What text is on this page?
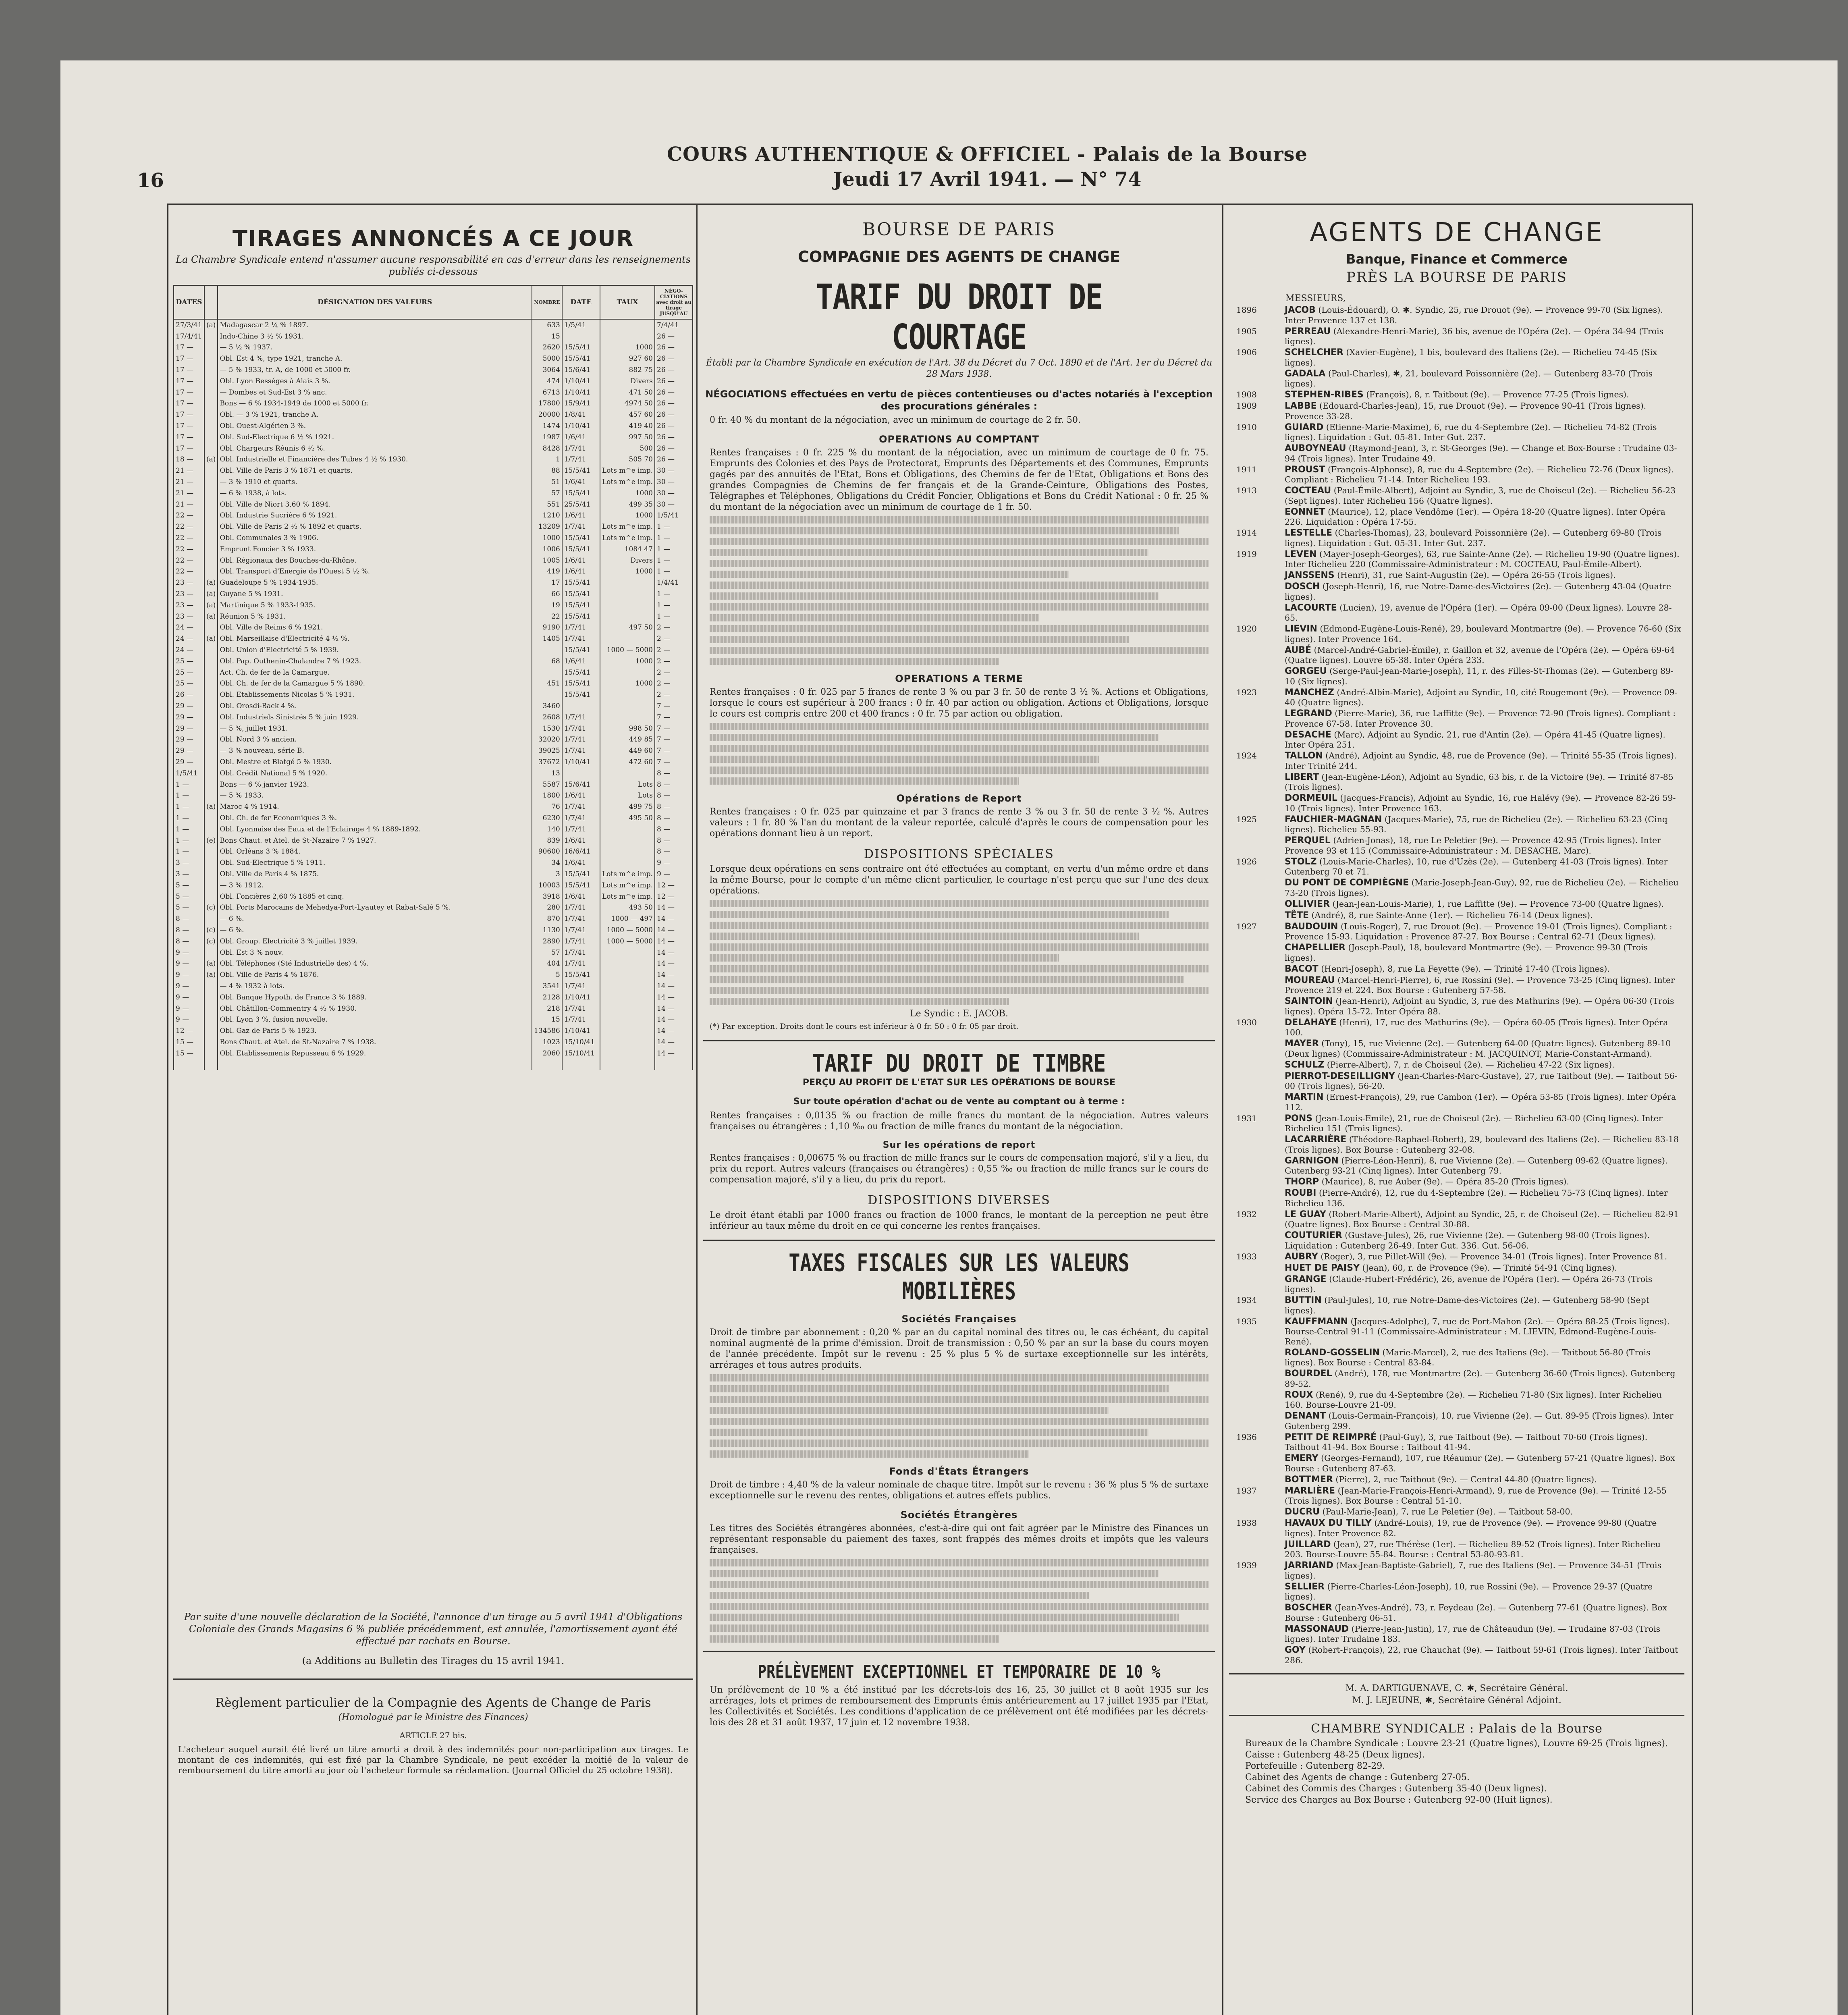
16
COURS AUTHENTIQUE & OFFICIEL - Palais de la Bourse
Jeudi 17 Avril 1941. — N° 74
TIRAGES ANNONCÉS A CE JOUR
La Chambre Syndicale entend n'assumer aucune responsabilité en cas d'erreur dans les renseignements publiés ci-dessous
DATES		DÉSIGNATION DES VALEURS	NOMBRE	DATE	TAUX	NÉGO-CIATIONS avec droit au tirage JUSQU'AU
27/3/41	(a)	Madagascar 2 ¼ % 1897.	633	1/5/41		7/4/41
17/4/41		Indo-Chine 3 ½ % 1931.	15			26 —
17 —		— 5 ½ % 1937.	2620	15/5/41	1000	26 —
17 —		Obl. Est 4 %, type 1921, tranche A.	5000	15/5/41	927 60	26 —
17 —		— 5 % 1933, tr. A, de 1000 et 5000 fr.	3064	15/6/41	882 75	26 —
17 —		Obl. Lyon Bességes à Alais 3 %.	474	1/10/41	Divers	26 —
17 —		— Dombes et Sud-Est 3 % anc.	6713	1/10/41	471 50	26 —
17 —		Bons — 6 % 1934-1949 de 1000 et 5000 fr.	17800	15/9/41	4974 50	26 —
17 —		Obl. — 3 % 1921, tranche A.	20000	1/8/41	457 60	26 —
17 —		Obl. Ouest-Algérien 3 %.	1474	1/10/41	419 40	26 —
17 —		Obl. Sud-Electrique 6 ½ % 1921.	1987	1/6/41	997 50	26 —
17 —		Obl. Chargeurs Réunis 6 ½ %.	8428	1/7/41	500	26 —
18 —	(a)	Obl. Industrielle et Financière des Tubes 4 ½ % 1930.	1	1/7/41	505 70	26 —
21 —		Obl. Ville de Paris 3 % 1871 et quarts.	88	15/5/41	Lots m^e imp.	30 —
21 —		— 3 % 1910 et quarts.	51	1/6/41	Lots m^e imp.	30 —
21 —		— 6 % 1938, à lots.	57	15/5/41	1000	30 —
21 —		Obl. Ville de Niort 3,60 % 1894.	551	25/5/41	499 35	30 —
22 —		Obl. Industrie Sucrière 6 % 1921.	1210	1/6/41	1000	1/5/41
22 —		Obl. Ville de Paris 2 ½ % 1892 et quarts.	13209	1/7/41	Lots m^e imp.	1 —
22 —		Obl. Communales 3 % 1906.	1000	15/5/41	Lots m^e imp.	1 —
22 —		Emprunt Foncier 3 % 1933.	1006	15/5/41	1084 47	1 —
22 —		Obl. Régionaux des Bouches-du-Rhône.	1005	1/6/41	Divers	1 —
22 —		Obl. Transport d'Energie de l'Ouest 5 ½ %.	419	1/6/41	1000	1 —
23 —	(a)	Guadeloupe 5 % 1934-1935.	17	15/5/41		1/4/41
23 —	(a)	Guyane 5 % 1931.	66	15/5/41		1 —
23 —	(a)	Martinique 5 % 1933-1935.	19	15/5/41		1 —
23 —	(a)	Réunion 5 % 1931.	22	15/5/41		1 —
24 —		Obl. Ville de Reims 6 % 1921.	9190	1/7/41	497 50	2 —
24 —	(a)	Obl. Marseillaise d'Electricité 4 ½ %.	1405	1/7/41		2 —
24 —		Obl. Union d'Electricité 5 % 1939.		15/5/41	1000 — 5000	2 —
25 —		Obl. Pap. Outhenin-Chalandre 7 % 1923.	68	1/6/41	1000	2 —
25 —		Act. Ch. de fer de la Camargue.		15/5/41		2 —
25 —		Obl. Ch. de fer de la Camargue 5 % 1890.	451	15/5/41	1000	2 —
26 —		Obl. Etablissements Nicolas 5 % 1931.		15/5/41		2 —
29 —		Obl. Orosdi-Back 4 %.	3460			7 —
29 —		Obl. Industriels Sinistrés 5 % juin 1929.	2608	1/7/41		7 —
29 —		— 5 %, juillet 1931.	1530	1/7/41	998 50	7 —
29 —		Obl. Nord 3 % ancien.	32020	1/7/41	449 85	7 —
29 —		— 3 % nouveau, série B.	39025	1/7/41	449 60	7 —
29 —		Obl. Mestre et Blatgé 5 % 1930.	37672	1/10/41	472 60	7 —
1/5/41		Obl. Crédit National 5 % 1920.	13			8 —
1 —		Bons — 6 % janvier 1923.	5587	15/6/41	Lots	8 —
1 —		— 5 % 1933.	1800	1/6/41	Lots	8 —
1 —	(a)	Maroc 4 % 1914.	76	1/7/41	499 75	8 —
1 —		Obl. Ch. de fer Economiques 3 %.	6230	1/7/41	495 50	8 —
1 —		Obl. Lyonnaise des Eaux et de l'Eclairage 4 % 1889-1892.	140	1/7/41		8 —
1 —	(e)	Bons Chaut. et Atel. de St-Nazaire 7 % 1927.	839	1/6/41		8 —
1 —		Obl. Orléans 3 % 1884.	90600	16/6/41		8 —
3 —		Obl. Sud-Electrique 5 % 1911.	34	1/6/41		9 —
3 —		Obl. Ville de Paris 4 % 1875.	3	15/5/41	Lots m^e imp.	9 —
5 —		— 3 % 1912.	10003	15/5/41	Lots m^e imp.	12 —
5 —		Obl. Foncières 2,60 % 1885 et cinq.	3918	1/6/41	Lots m^e imp.	12 —
5 —	(c)	Obl. Ports Marocains de Mehedya-Port-Lyautey et Rabat-Salé 5 %.	280	1/7/41	493 50	14 —
8 —		— 6 %.	870	1/7/41	1000 — 497	14 —
8 —	(c)	— 6 %.	1130	1/7/41	1000 — 5000	14 —
8 —	(c)	Obl. Group. Electricité 3 % juillet 1939.	2890	1/7/41	1000 — 5000	14 —
9 —		Obl. Est 3 % nouv.	57	1/7/41		14 —
9 —	(a)	Obl. Téléphones (Sté Industrielle des) 4 %.	404	1/7/41		14 —
9 —	(a)	Obl. Ville de Paris 4 % 1876.	5	15/5/41		14 —
9 —		— 4 % 1932 à lots.	3541	1/7/41		14 —
9 —		Obl. Banque Hypoth. de France 3 % 1889.	2128	1/10/41		14 —
9 —		Obl. Châtillon-Commentry 4 ½ % 1930.	218	1/7/41		14 —
9 —		Obl. Lyon 3 %, fusion nouvelle.	15	1/7/41		14 —
12 —		Obl. Gaz de Paris 5 % 1923.	134586	1/10/41		14 —
15 —		Bons Chaut. et Atel. de St-Nazaire 7 % 1938.	1023	15/10/41		14 —
15 —		Obl. Etablissements Repusseau 6 % 1929.	2060	15/10/41		14 —

Par suite d'une nouvelle déclaration de la Société, l'annonce d'un tirage au 5 avril 1941 d'Obligations Coloniale des Grands Magasins 6 % publiée précédemment, est annulée, l'amortissement ayant été effectué par rachats en Bourse.
(a Additions au Bulletin des Tirages du 15 avril 1941.
Règlement particulier de la Compagnie des Agents de Change de Paris
(Homologué par le Ministre des Finances)
ARTICLE 27 bis.
L'acheteur auquel aurait été livré un titre amorti a droit à des indemnités pour non-participation aux tirages. Le montant de ces indemnités, qui est fixé par la Chambre Syndicale, ne peut excéder la moitié de la valeur de remboursement du titre amorti au jour où l'acheteur formule sa réclamation. (Journal Officiel du 25 octobre 1938).
BOURSE DE PARIS
COMPAGNIE DES AGENTS DE CHANGE
TARIF DU DROIT DE COURTAGE
Établi par la Chambre Syndicale en exécution de l'Art. 38 du Décret du 7 Oct. 1890 et de l'Art. 1er du Décret du 28 Mars 1938.
NÉGOCIATIONS effectuées en vertu de pièces contentieuses ou d'actes notariés à l'exception des procurations générales :
0 fr. 40 % du montant de la négociation, avec un minimum de courtage de 2 fr. 50.
OPERATIONS AU COMPTANT
Rentes françaises : 0 fr. 225 % du montant de la négociation, avec un minimum de courtage de 0 fr. 75. Emprunts des Colonies et des Pays de Protectorat, Emprunts des Départements et des Communes, Emprunts gagés par des annuités de l'Etat, Bons et Obligations, des Chemins de fer de l'Etat, Obligations et Bons des grandes Compagnies de Chemins de fer français et de la Grande-Ceinture, Obligations des Postes, Télégraphes et Téléphones, Obligations du Crédit Foncier, Obligations et Bons du Crédit National : 0 fr. 25 % du montant de la négociation avec un minimum de courtage de 1 fr. 50.
OPERATIONS A TERME
Rentes françaises : 0 fr. 025 par 5 francs de rente 3 % ou par 3 fr. 50 de rente 3 ½ %. Actions et Obligations, lorsque le cours est supérieur à 200 francs : 0 fr. 40 par action ou obligation. Actions et Obligations, lorsque le cours est compris entre 200 et 400 francs : 0 fr. 75 par action ou obligation.
Opérations de Report
Rentes françaises : 0 fr. 025 par quinzaine et par 3 francs de rente 3 % ou 3 fr. 50 de rente 3 ½ %. Autres valeurs : 1 fr. 80 % l'an du montant de la valeur reportée, calculé d'après le cours de compensation pour les opérations donnant lieu à un report.
DISPOSITIONS SPÉCIALES
Lorsque deux opérations en sens contraire ont été effectuées au comptant, en vertu d'un même ordre et dans la même Bourse, pour le compte d'un même client particulier, le courtage n'est perçu que sur l'une des deux opérations.
Le Syndic : E. JACOB.
(*) Par exception. Droits dont le cours est inférieur à 0 fr. 50 : 0 fr. 05 par droit.
TARIF DU DROIT DE TIMBRE
PERÇU AU PROFIT DE L'ETAT SUR LES OPÉRATIONS DE BOURSE
Sur toute opération d'achat ou de vente au comptant ou à terme :
Rentes françaises : 0,0135 % ou fraction de mille francs du montant de la négociation. Autres valeurs françaises ou étrangères : 1,10 ‰ ou fraction de mille francs du montant de la négociation.
Sur les opérations de report
Rentes françaises : 0,00675 % ou fraction de mille francs sur le cours de compensation majoré, s'il y a lieu, du prix du report. Autres valeurs (françaises ou étrangères) : 0,55 ‰ ou fraction de mille francs sur le cours de compensation majoré, s'il y a lieu, du prix du report.
DISPOSITIONS DIVERSES
Le droit étant établi par 1000 francs ou fraction de 1000 francs, le montant de la perception ne peut être inférieur au taux même du droit en ce qui concerne les rentes françaises.
TAXES FISCALES SUR LES VALEURS MOBILIÈRES
Sociétés Françaises
Droit de timbre par abonnement : 0,20 % par an du capital nominal des titres ou, le cas échéant, du capital nominal augmenté de la prime d'émission. Droit de transmission : 0,50 % par an sur la base du cours moyen de l'année précédente. Impôt sur le revenu : 25 % plus 5 % de surtaxe exceptionnelle sur les intérêts, arrérages et tous autres produits.
Fonds d'États Étrangers
Droit de timbre : 4,40 % de la valeur nominale de chaque titre. Impôt sur le revenu : 36 % plus 5 % de surtaxe exceptionnelle sur le revenu des rentes, obligations et autres effets publics.
Sociétés Étrangères
Les titres des Sociétés étrangères abonnées, c'est-à-dire qui ont fait agréer par le Ministre des Finances un représentant responsable du paiement des taxes, sont frappés des mêmes droits et impôts que les valeurs françaises.
PRÉLÈVEMENT EXCEPTIONNEL ET TEMPORAIRE DE 10 %
Un prélèvement de 10 % a été institué par les décrets-lois des 16, 25, 30 juillet et 8 août 1935 sur les arrérages, lots et primes de remboursement des Emprunts émis antérieurement au 17 juillet 1935 par l'Etat, les Collectivités et Sociétés. Les conditions d'application de ce prélèvement ont été modifiées par les décrets-lois des 28 et 31 août 1937, 17 juin et 12 novembre 1938.
AGENTS DE CHANGE
Banque, Finance et Commerce
PRÈS LA BOURSE DE PARIS
MESSIEURS,
1896	JACOB (Louis-Édouard), O. ✱. Syndic, 25, rue Drouot (9e). — Provence 99-70 (Six lignes). Inter Provence 137 et 138.
1905	PERREAU (Alexandre-Henri-Marie), 36 bis, avenue de l'Opéra (2e). — Opéra 34-94 (Trois lignes).
1906	SCHELCHER (Xavier-Eugène), 1 bis, boulevard des Italiens (2e). — Richelieu 74-45 (Six lignes).
GADALA (Paul-Charles), ✱, 21, boulevard Poissonnière (2e). — Gutenberg 83-70 (Trois lignes).
1908	STEPHEN-RIBES (François), 8, r. Taitbout (9e). — Provence 77-25 (Trois lignes).
1909	LABBE (Edouard-Charles-Jean), 15, rue Drouot (9e). — Provence 90-41 (Trois lignes). Provence 33-28.
1910	GUIARD (Etienne-Marie-Maxime), 6, rue du 4-Septembre (2e). — Richelieu 74-82 (Trois lignes). Liquidation : Gut. 05-81. Inter Gut. 237.
AUBOYNEAU (Raymond-Jean), 3, r. St-Georges (9e). — Change et Box-Bourse : Trudaine 03-94 (Trois lignes). Inter Trudaine 49.
1911	PROUST (François-Alphonse), 8, rue du 4-Septembre (2e). — Richelieu 72-76 (Deux lignes). Compliant : Richelieu 71-14. Inter Richelieu 193.
1913	COCTEAU (Paul-Émile-Albert), Adjoint au Syndic, 3, rue de Choiseul (2e). — Richelieu 56-23 (Sept lignes). Inter Richelieu 156 (Quatre lignes).
EONNET (Maurice), 12, place Vendôme (1er). — Opéra 18-20 (Quatre lignes). Inter Opéra 226. Liquidation : Opéra 17-55.
1914	LESTELLE (Charles-Thomas), 23, boulevard Poissonnière (2e). — Gutenberg 69-80 (Trois lignes). Liquidation : Gut. 05-31. Inter Gut. 237.
1919	LEVEN (Mayer-Joseph-Georges), 63, rue Sainte-Anne (2e). — Richelieu 19-90 (Quatre lignes). Inter Richelieu 220 (Commissaire-Administrateur : M. COCTEAU, Paul-Émile-Albert).
JANSSENS (Henri), 31, rue Saint-Augustin (2e). — Opéra 26-55 (Trois lignes).
DOSCH (Joseph-Henri), 16, rue Notre-Dame-des-Victoires (2e). — Gutenberg 43-04 (Quatre lignes).
LACOURTE (Lucien), 19, avenue de l'Opéra (1er). — Opéra 09-00 (Deux lignes). Louvre 28-65.
1920	LIEVIN (Edmond-Eugène-Louis-René), 29, boulevard Montmartre (9e). — Provence 76-60 (Six lignes). Inter Provence 164.
AUBÉ (Marcel-André-Gabriel-Émile), r. Gaillon et 32, avenue de l'Opéra (2e). — Opéra 69-64 (Quatre lignes). Louvre 65-38. Inter Opéra 233.
GORGEU (Serge-Paul-Jean-Marie-Joseph), 11, r. des Filles-St-Thomas (2e). — Gutenberg 89-10 (Six lignes).
1923	MANCHEZ (André-Albin-Marie), Adjoint au Syndic, 10, cité Rougemont (9e). — Provence 09-40 (Quatre lignes).
LEGRAND (Pierre-Marie), 36, rue Laffitte (9e). — Provence 72-90 (Trois lignes). Compliant : Provence 67-58. Inter Provence 30.
DESACHE (Marc), Adjoint au Syndic, 21, rue d'Antin (2e). — Opéra 41-45 (Quatre lignes). Inter Opéra 251.
1924	TALLON (André), Adjoint au Syndic, 48, rue de Provence (9e). — Trinité 55-35 (Trois lignes). Inter Trinité 244.
LIBERT (Jean-Eugène-Léon), Adjoint au Syndic, 63 bis, r. de la Victoire (9e). — Trinité 87-85 (Trois lignes).
DORMEUIL (Jacques-Francis), Adjoint au Syndic, 16, rue Halévy (9e). — Provence 82-26 59-10 (Trois lignes). Inter Provence 163.
1925	FAUCHIER-MAGNAN (Jacques-Marie), 75, rue de Richelieu (2e). — Richelieu 63-23 (Cinq lignes). Richelieu 55-93.
PERQUEL (Adrien-Jonas), 18, rue Le Peletier (9e). — Provence 42-95 (Trois lignes). Inter Provence 93 et 115 (Commissaire-Administrateur : M. DESACHE, Marc).
1926	STOLZ (Louis-Marie-Charles), 10, rue d'Uzès (2e). — Gutenberg 41-03 (Trois lignes). Inter Gutenberg 70 et 71.
DU PONT DE COMPIÈGNE (Marie-Joseph-Jean-Guy), 92, rue de Richelieu (2e). — Richelieu 73-20 (Trois lignes).
OLLIVIER (Jean-Jean-Louis-Marie), 1, rue Laffitte (9e). — Provence 73-00 (Quatre lignes).
TÊTE (André), 8, rue Sainte-Anne (1er). — Richelieu 76-14 (Deux lignes).
1927	BAUDOUIN (Louis-Roger), 7, rue Drouot (9e). — Provence 19-01 (Trois lignes). Compliant : Provence 15-93. Liquidation : Provence 87-27. Box Bourse : Central 62-71 (Deux lignes).
CHAPELLIER (Joseph-Paul), 18, boulevard Montmartre (9e). — Provence 99-30 (Trois lignes).
BACOT (Henri-Joseph), 8, rue La Feyette (9e). — Trinité 17-40 (Trois lignes).
MOUREAU (Marcel-Henri-Pierre), 6, rue Rossini (9e). — Provence 73-25 (Cinq lignes). Inter Provence 219 et 224. Box Bourse : Gutenberg 57-58.
SAINTOIN (Jean-Henri), Adjoint au Syndic, 3, rue des Mathurins (9e). — Opéra 06-30 (Trois lignes). Opéra 15-72. Inter Opéra 88.
1930	DELAHAYE (Henri), 17, rue des Mathurins (9e). — Opéra 60-05 (Trois lignes). Inter Opéra 100.
MAYER (Tony), 15, rue Vivienne (2e). — Gutenberg 64-00 (Quatre lignes). Gutenberg 89-10 (Deux lignes) (Commissaire-Administrateur : M. JACQUINOT, Marie-Constant-Armand).
SCHULZ (Pierre-Albert), 7, r. de Choiseul (2e). — Richelieu 47-22 (Six lignes).
PIERROT-DESEILLIGNY (Jean-Charles-Marc-Gustave), 27, rue Taitbout (9e). — Taitbout 56-00 (Trois lignes), 56-20.
MARTIN (Ernest-François), 29, rue Cambon (1er). — Opéra 53-85 (Trois lignes). Inter Opéra 112.
1931	PONS (Jean-Louis-Emile), 21, rue de Choiseul (2e). — Richelieu 63-00 (Cinq lignes). Inter Richelieu 151 (Trois lignes).
LACARRIÈRE (Théodore-Raphael-Robert), 29, boulevard des Italiens (2e). — Richelieu 83-18 (Trois lignes). Box Bourse : Gutenberg 32-08.
GARNIGON (Pierre-Léon-Henri), 8, rue Vivienne (2e). — Gutenberg 09-62 (Quatre lignes). Gutenberg 93-21 (Cinq lignes). Inter Gutenberg 79.
THORP (Maurice), 8, rue Auber (9e). — Opéra 85-20 (Trois lignes).
ROUBI (Pierre-André), 12, rue du 4-Septembre (2e). — Richelieu 75-73 (Cinq lignes). Inter Richelieu 136.
1932	LE GUAY (Robert-Marie-Albert), Adjoint au Syndic, 25, r. de Choiseul (2e). — Richelieu 82-91 (Quatre lignes). Box Bourse : Central 30-88.
COUTURIER (Gustave-Jules), 26, rue Vivienne (2e). — Gutenberg 98-00 (Trois lignes). Liquidation : Gutenberg 26-49. Inter Gut. 336. Gut. 56-06.
1933	AUBRY (Roger), 3, rue Pillet-Will (9e). — Provence 34-01 (Trois lignes). Inter Provence 81.
HUET DE PAISY (Jean), 60, r. de Provence (9e). — Trinité 54-91 (Cinq lignes).
GRANGE (Claude-Hubert-Frédéric), 26, avenue de l'Opéra (1er). — Opéra 26-73 (Trois lignes).
1934	BUTTIN (Paul-Jules), 10, rue Notre-Dame-des-Victoires (2e). — Gutenberg 58-90 (Sept lignes).
1935	KAUFFMANN (Jacques-Adolphe), 7, rue de Port-Mahon (2e). — Opéra 88-25 (Trois lignes). Bourse-Central 91-11 (Commissaire-Administrateur : M. LIEVIN, Edmond-Eugène-Louis-René).
ROLAND-GOSSELIN (Marie-Marcel), 2, rue des Italiens (9e). — Taitbout 56-80 (Trois lignes). Box Bourse : Central 83-84.
BOURDEL (André), 178, rue Montmartre (2e). — Gutenberg 36-60 (Trois lignes). Gutenberg 89-52.
ROUX (René), 9, rue du 4-Septembre (2e). — Richelieu 71-80 (Six lignes). Inter Richelieu 160. Bourse-Louvre 21-09.
DENANT (Louis-Germain-François), 10, rue Vivienne (2e). — Gut. 89-95 (Trois lignes). Inter Gutenberg 299.
1936	PETIT DE REIMPRÉ (Paul-Guy), 3, rue Taitbout (9e). — Taitbout 70-60 (Trois lignes). Taitbout 41-94. Box Bourse : Taitbout 41-94.
EMERY (Georges-Fernand), 107, rue Réaumur (2e). — Gutenberg 57-21 (Quatre lignes). Box Bourse : Gutenberg 87-63.
BOTTMER (Pierre), 2, rue Taitbout (9e). — Central 44-80 (Quatre lignes).
1937	MARLIÈRE (Jean-Marie-François-Henri-Armand), 9, rue de Provence (9e). — Trinité 12-55 (Trois lignes). Box Bourse : Central 51-10.
DUCRU (Paul-Marie-Jean), 7, rue Le Peletier (9e). — Taitbout 58-00.
1938	HAVAUX DU TILLY (André-Louis), 19, rue de Provence (9e). — Provence 99-80 (Quatre lignes). Inter Provence 82.
JUILLARD (Jean), 27, rue Thérèse (1er). — Richelieu 89-52 (Trois lignes). Inter Richelieu 203. Bourse-Louvre 55-84. Bourse : Central 53-80-93-81.
1939	JARRIAND (Max-Jean-Baptiste-Gabriel), 7, rue des Italiens (9e). — Provence 34-51 (Trois lignes).
SELLIER (Pierre-Charles-Léon-Joseph), 10, rue Rossini (9e). — Provence 29-37 (Quatre lignes).
BOSCHER (Jean-Yves-André), 73, r. Feydeau (2e). — Gutenberg 77-61 (Quatre lignes). Box Bourse : Gutenberg 06-51.
MASSONAUD (Pierre-Jean-Justin), 17, rue de Châteaudun (9e). — Trudaine 87-03 (Trois lignes). Inter Trudaine 183.
GOY (Robert-François), 22, rue Chauchat (9e). — Taitbout 59-61 (Trois lignes). Inter Taitbout 286.
M. A. DARTIGUENAVE, C. ✱, Secrétaire Général.
M. J. LEJEUNE, ✱, Secrétaire Général Adjoint.
CHAMBRE SYNDICALE : Palais de la Bourse
Bureaux de la Chambre Syndicale : Louvre 23-21 (Quatre lignes), Louvre 69-25 (Trois lignes).
Caisse : Gutenberg 48-25 (Deux lignes).
Portefeuille : Gutenberg 82-29.
Cabinet des Agents de change : Gutenberg 27-05.
Cabinet des Commis des Charges : Gutenberg 35-40 (Deux lignes).
Service des Charges au Box Bourse : Gutenberg 92-00 (Huit lignes).
